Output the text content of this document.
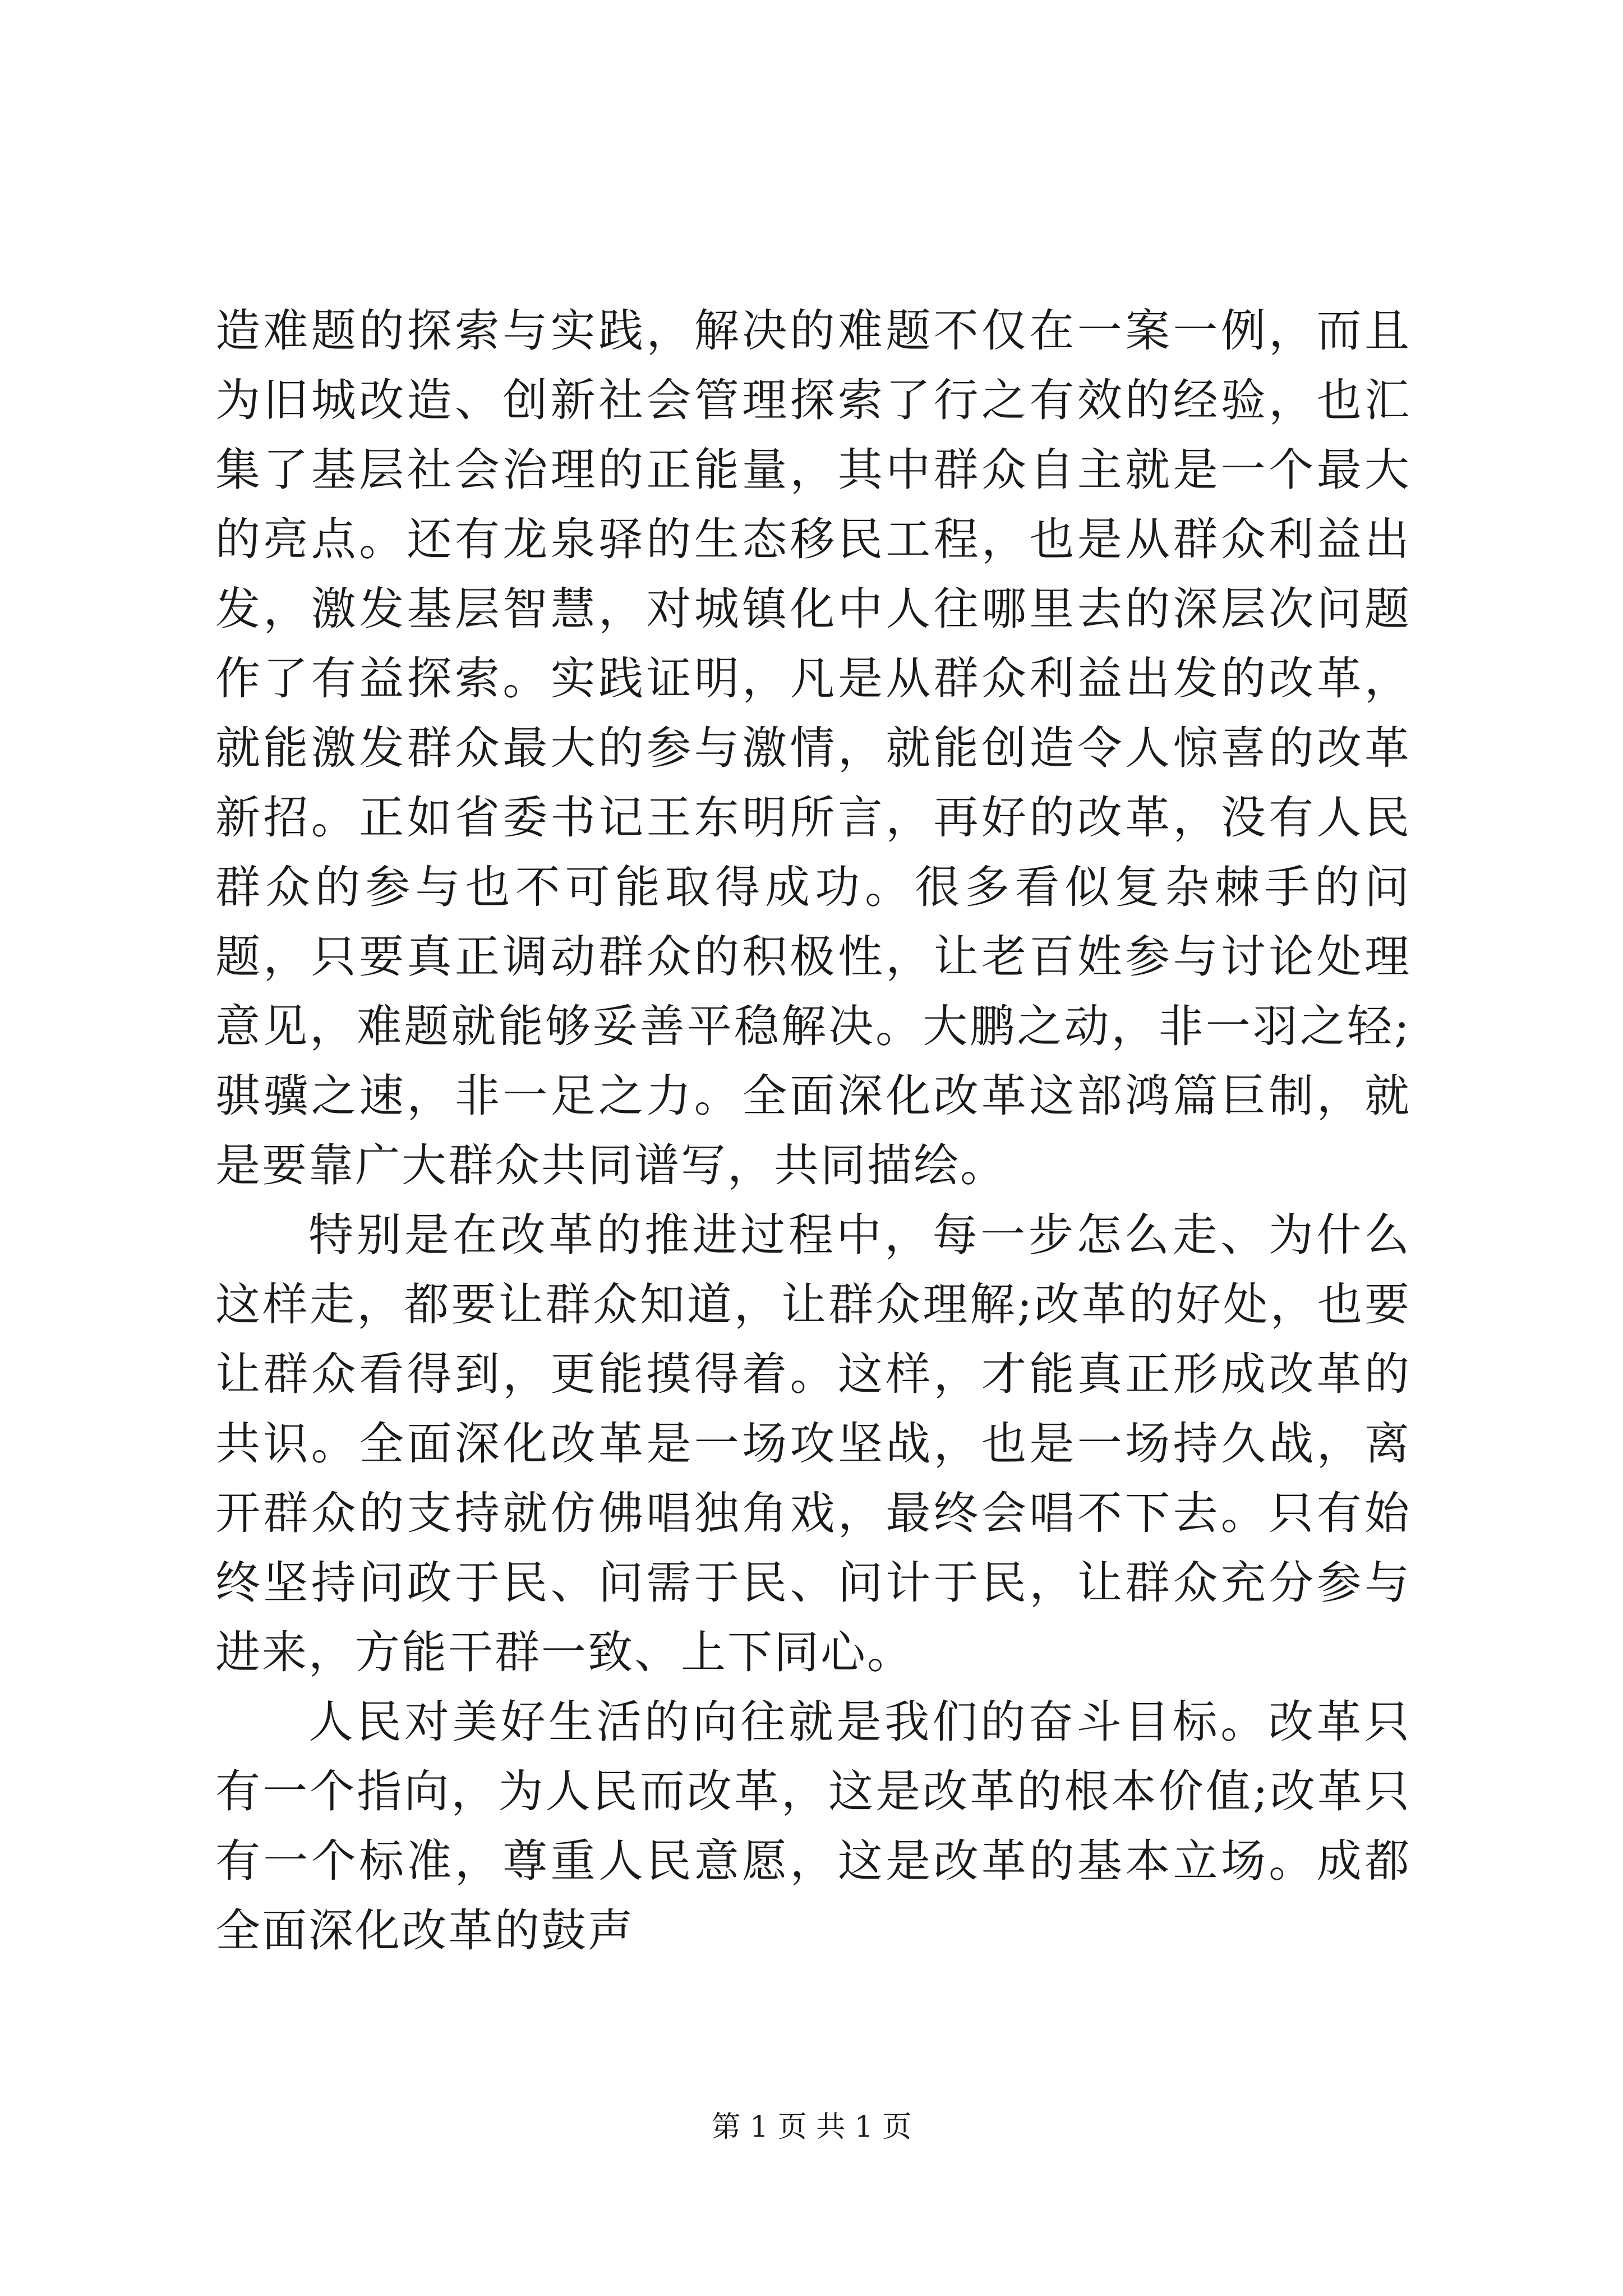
造难题的探索与实践，解决的难题不仅在一案一例，而且为旧城改造、创新社会管理探索了行之有效的经验，也汇集了基层社会治理的正能量，其中群众自主就是一个最大的亮点。还有龙泉驿的生态移民工程，也是从群众利益出发，激发基层智慧，对城镇化中人往哪里去的深层次问题作了有益探索。实践证明，凡是从群众利益出发的改革，就能激发群众最大的参与激情，就能创造令人惊喜的改革新招。正如省委书记王东明所言，再好的改革，没有人民群众的参与也不可能取得成功。很多看似复杂棘手的问题，只要真正调动群众的积极性，让老百姓参与讨论处理意见，难题就能够妥善平稳解决。大鹏之动，非一羽之轻;骐骥之速，非一足之力。全面深化改革这部鸿篇巨制，就是要靠广大群众共同谱写，共同描绘。

特别是在改革的推进过程中，每一步怎么走、为什么这样走，都要让群众知道，让群众理解;改革的好处，也要让群众看得到，更能摸得着。这样，才能真正形成改革的共识。全面深化改革是一场攻坚战，也是一场持久战，离开群众的支持就仿佛唱独角戏，最终会唱不下去。只有始终坚持问政于民、问需于民、问计于民，让群众充分参与进来，方能干群一致、上下同心。

人民对美好生活的向往就是我们的奋斗目标。改革只有一个指向，为人民而改革，这是改革的根本价值;改革只有一个标准，尊重人民意愿，这是改革的基本立场。成都全面深化改革的鼓声

第 1 页 共 1 页
